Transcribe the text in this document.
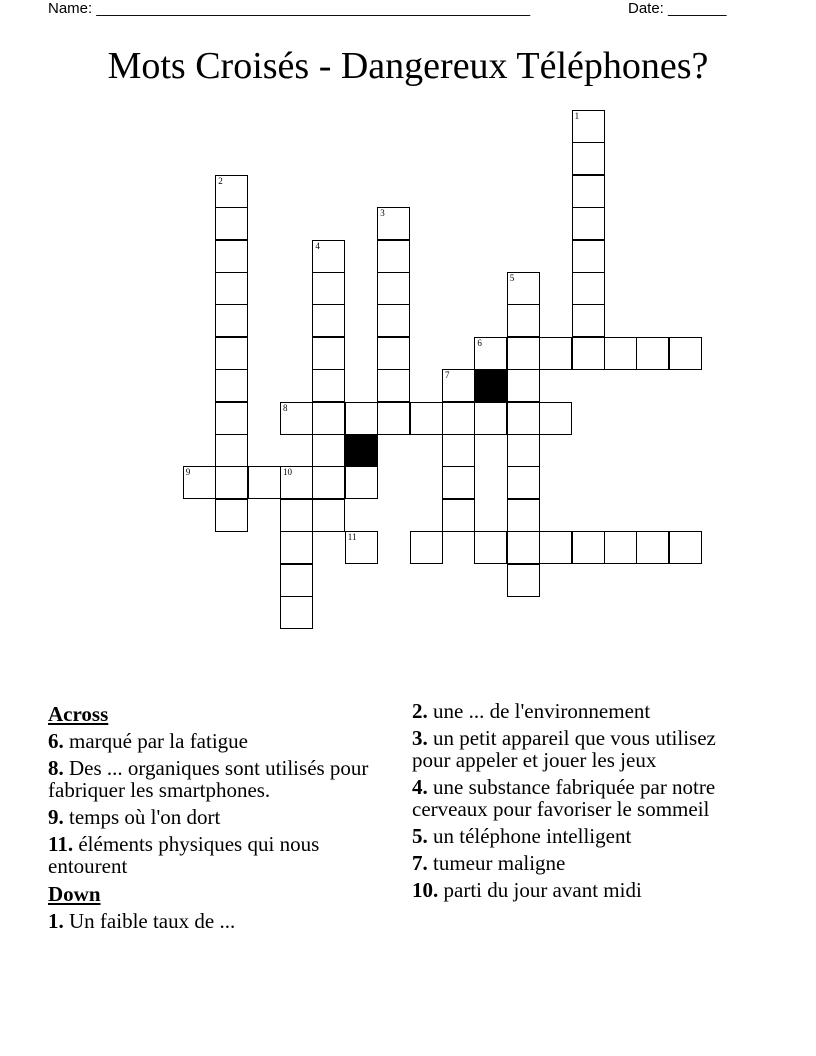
Name: ____________________________________________________	Date: _______
Mots Croisés - Dangereux Téléphones?
1
2
3
4
5
6
7
8
9	10
11
Across
6. marqué par la fatigue
8. Des ... organiques sont utilisés pour fabriquer les smartphones.
9. temps où l'on dort
11. éléments physiques qui nous entourent
Down
1. Un faible taux de ...
2. une ... de l'environnement
3. un petit appareil que vous utilisez pour appeler et jouer les jeux
4. une substance fabriquée par notre cerveaux pour favoriser le sommeil
5. un téléphone intelligent
7. tumeur maligne
10. parti du jour avant midi
